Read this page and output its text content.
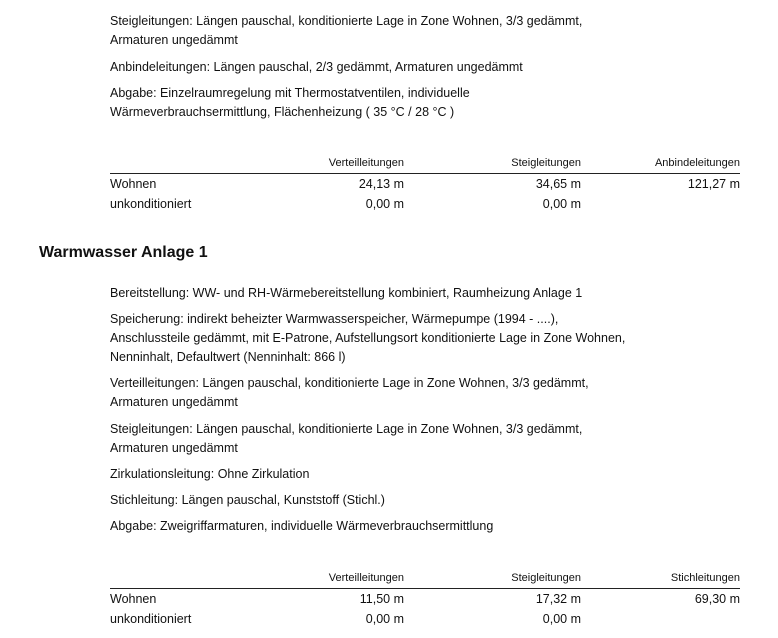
Steigleitungen: Längen pauschal, konditionierte Lage in Zone Wohnen, 3/3 gedämmt,
Armaturen ungedämmt
Anbindeleitungen: Längen pauschal, 2/3 gedämmt, Armaturen ungedämmt
Abgabe: Einzelraumregelung mit Thermostatventilen, individuelle
Wärmeverbrauchsermittlung, Flächenheizung ( 35 °C / 28 °C )
	Verteilleitungen	Steigleitungen	Anbindeleitungen
Wohnen	24,13 m	34,65 m	121,27 m
unkonditioniert	0,00 m	0,00 m	
Warmwasser Anlage 1
Bereitstellung: WW- und RH-Wärmebereitstellung kombiniert, Raumheizung Anlage 1
Speicherung: indirekt beheizter Warmwasserspeicher, Wärmepumpe (1994 - ....),
Anschlussteile gedämmt, mit E-Patrone, Aufstellungsort konditionierte Lage in Zone Wohnen,
Nenninhalt, Defaultwert (Nenninhalt: 866 l)
Verteilleitungen: Längen pauschal, konditionierte Lage in Zone Wohnen, 3/3 gedämmt,
Armaturen ungedämmt
Steigleitungen: Längen pauschal, konditionierte Lage in Zone Wohnen, 3/3 gedämmt,
Armaturen ungedämmt
Zirkulationsleitung: Ohne Zirkulation
Stichleitung: Längen pauschal, Kunststoff (Stichl.)
Abgabe: Zweigriffarmaturen, individuelle Wärmeverbrauchsermittlung
	Verteilleitungen	Steigleitungen	Stichleitungen
Wohnen	11,50 m	17,32 m	69,30 m
unkonditioniert	0,00 m	0,00 m	
